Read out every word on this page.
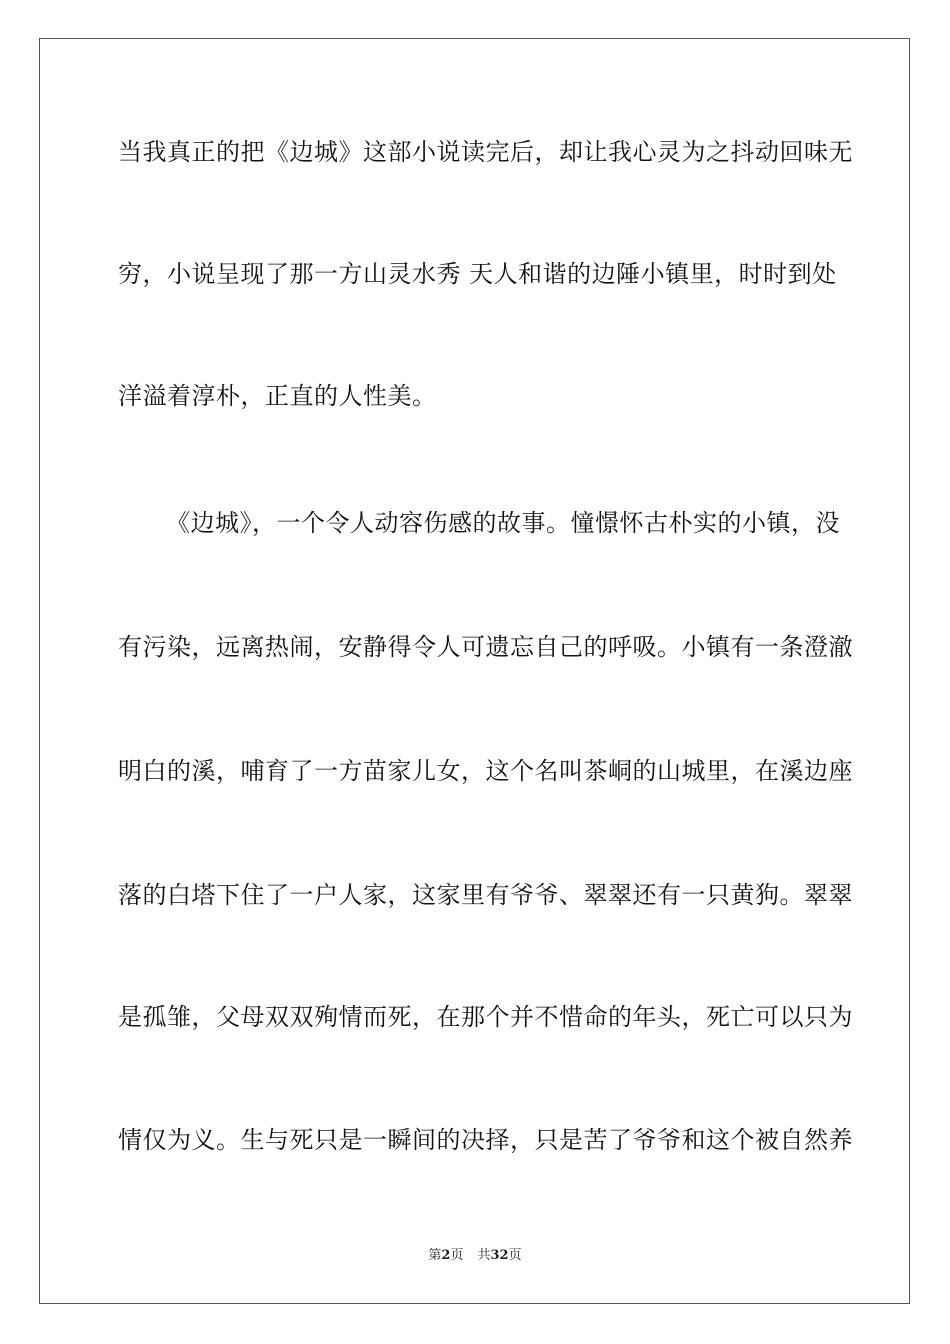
当我真正的把《边城》这部小说读完后，却让我心灵为之抖动回味无
穷，小说呈现了那一方山灵水秀 天人和谐的边陲小镇里，时时到处
洋溢着淳朴，正直的人性美。
《边城》，一个令人动容伤感的故事。憧憬怀古朴实的小镇，没
有污染，远离热闹，安静得令人可遗忘自己的呼吸。小镇有一条澄澈
明白的溪，哺育了一方苗家儿女，这个名叫茶峒的山城里，在溪边座
落的白塔下住了一户人家，这家里有爷爷、翠翠还有一只黄狗。翠翠
是孤雏，父母双双殉情而死，在那个并不惜命的年头，死亡可以只为
情仅为义。生与死只是一瞬间的决择，只是苦了爷爷和这个被自然养
第2页 共32页
